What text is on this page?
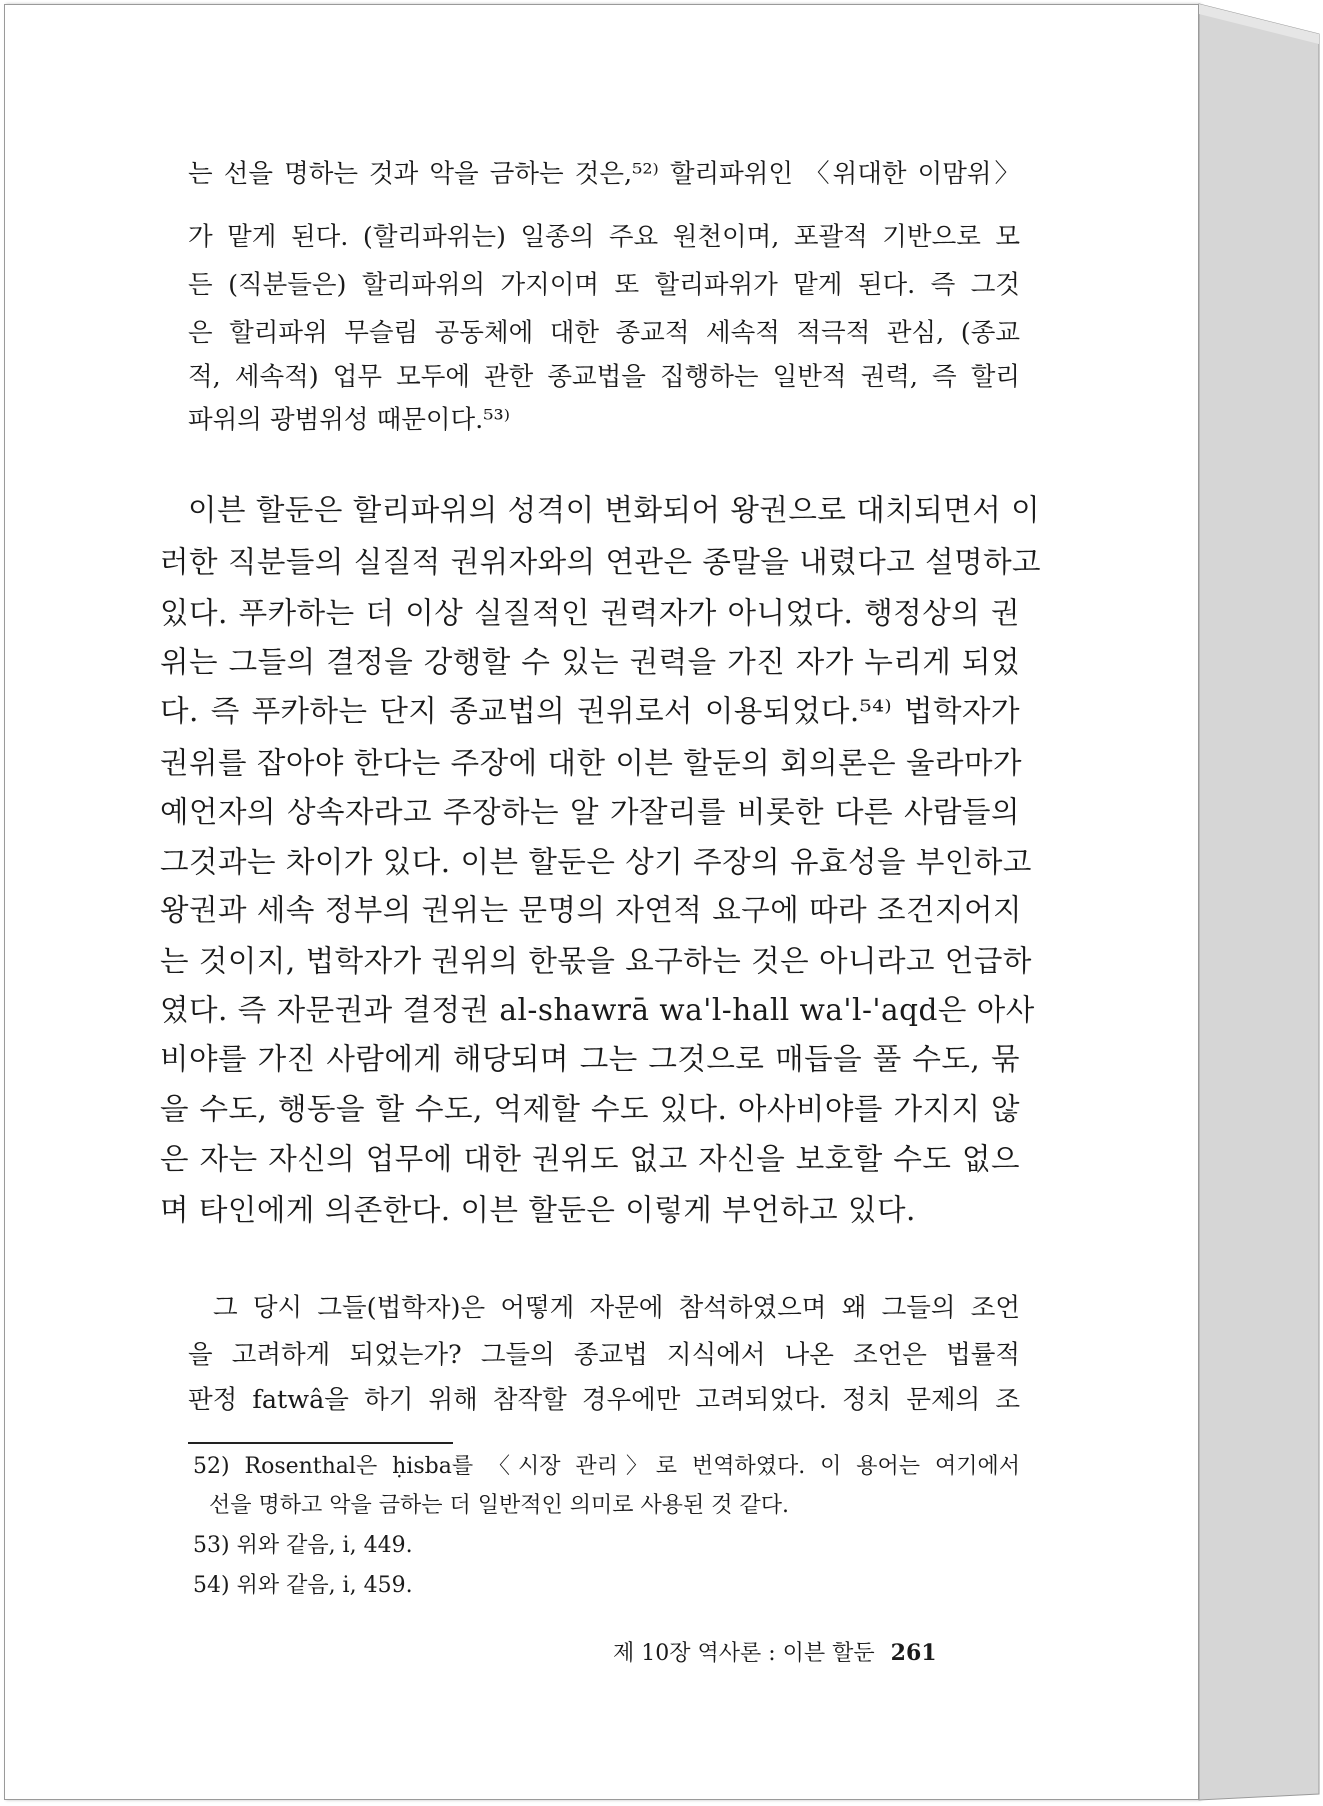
는 선을 명하는 것과 악을 금하는 것은,⁵²⁾ 할리파위인 〈위대한 이맘위〉
가 맡게 된다. (할리파위는) 일종의 주요 원천이며, 포괄적 기반으로 모
든 (직분들은) 할리파위의 가지이며 또 할리파위가 맡게 된다. 즉 그것
은 할리파위 무슬림 공동체에 대한 종교적 세속적 적극적 관심, (종교
적, 세속적) 업무 모두에 관한 종교법을 집행하는 일반적 권력, 즉 할리
파위의 광범위성 때문이다.⁵³⁾
이븐 할둔은 할리파위의 성격이 변화되어 왕권으로 대치되면서 이
러한 직분들의 실질적 권위자와의 연관은 종말을 내렸다고 설명하고
있다. 푸카하는 더 이상 실질적인 권력자가 아니었다. 행정상의 권
위는 그들의 결정을 강행할 수 있는 권력을 가진 자가 누리게 되었
다. 즉 푸카하는 단지 종교법의 권위로서 이용되었다.⁵⁴⁾ 법학자가
권위를 잡아야 한다는 주장에 대한 이븐 할둔의 회의론은 울라마가
예언자의 상속자라고 주장하는 알 가잘리를 비롯한 다른 사람들의
그것과는 차이가 있다. 이븐 할둔은 상기 주장의 유효성을 부인하고
왕권과 세속 정부의 권위는 문명의 자연적 요구에 따라 조건지어지
는 것이지, 법학자가 권위의 한몫을 요구하는 것은 아니라고 언급하
였다. 즉 자문권과 결정권 al-shawrā wa'l-hall wa'l-'aqd은 아사
비야를 가진 사람에게 해당되며 그는 그것으로 매듭을 풀 수도, 묶
을 수도, 행동을 할 수도, 억제할 수도 있다. 아사비야를 가지지 않
은 자는 자신의 업무에 대한 권위도 없고 자신을 보호할 수도 없으
며 타인에게 의존한다. 이븐 할둔은 이렇게 부언하고 있다.
그 당시 그들(법학자)은 어떻게 자문에 참석하였으며 왜 그들의 조언
을 고려하게 되었는가? 그들의 종교법 지식에서 나온 조언은 법률적
판정 fatwâ을 하기 위해 참작할 경우에만 고려되었다. 정치 문제의 조
52) Rosenthal은 ḥisba를 〈시장 관리〉로 번역하였다. 이 용어는 여기에서
선을 명하고 악을 금하는 더 일반적인 의미로 사용된 것 같다.
53) 위와 같음, i, 449.
54) 위와 같음, i, 459.
제 10장 역사론 : 이븐 할둔 261
